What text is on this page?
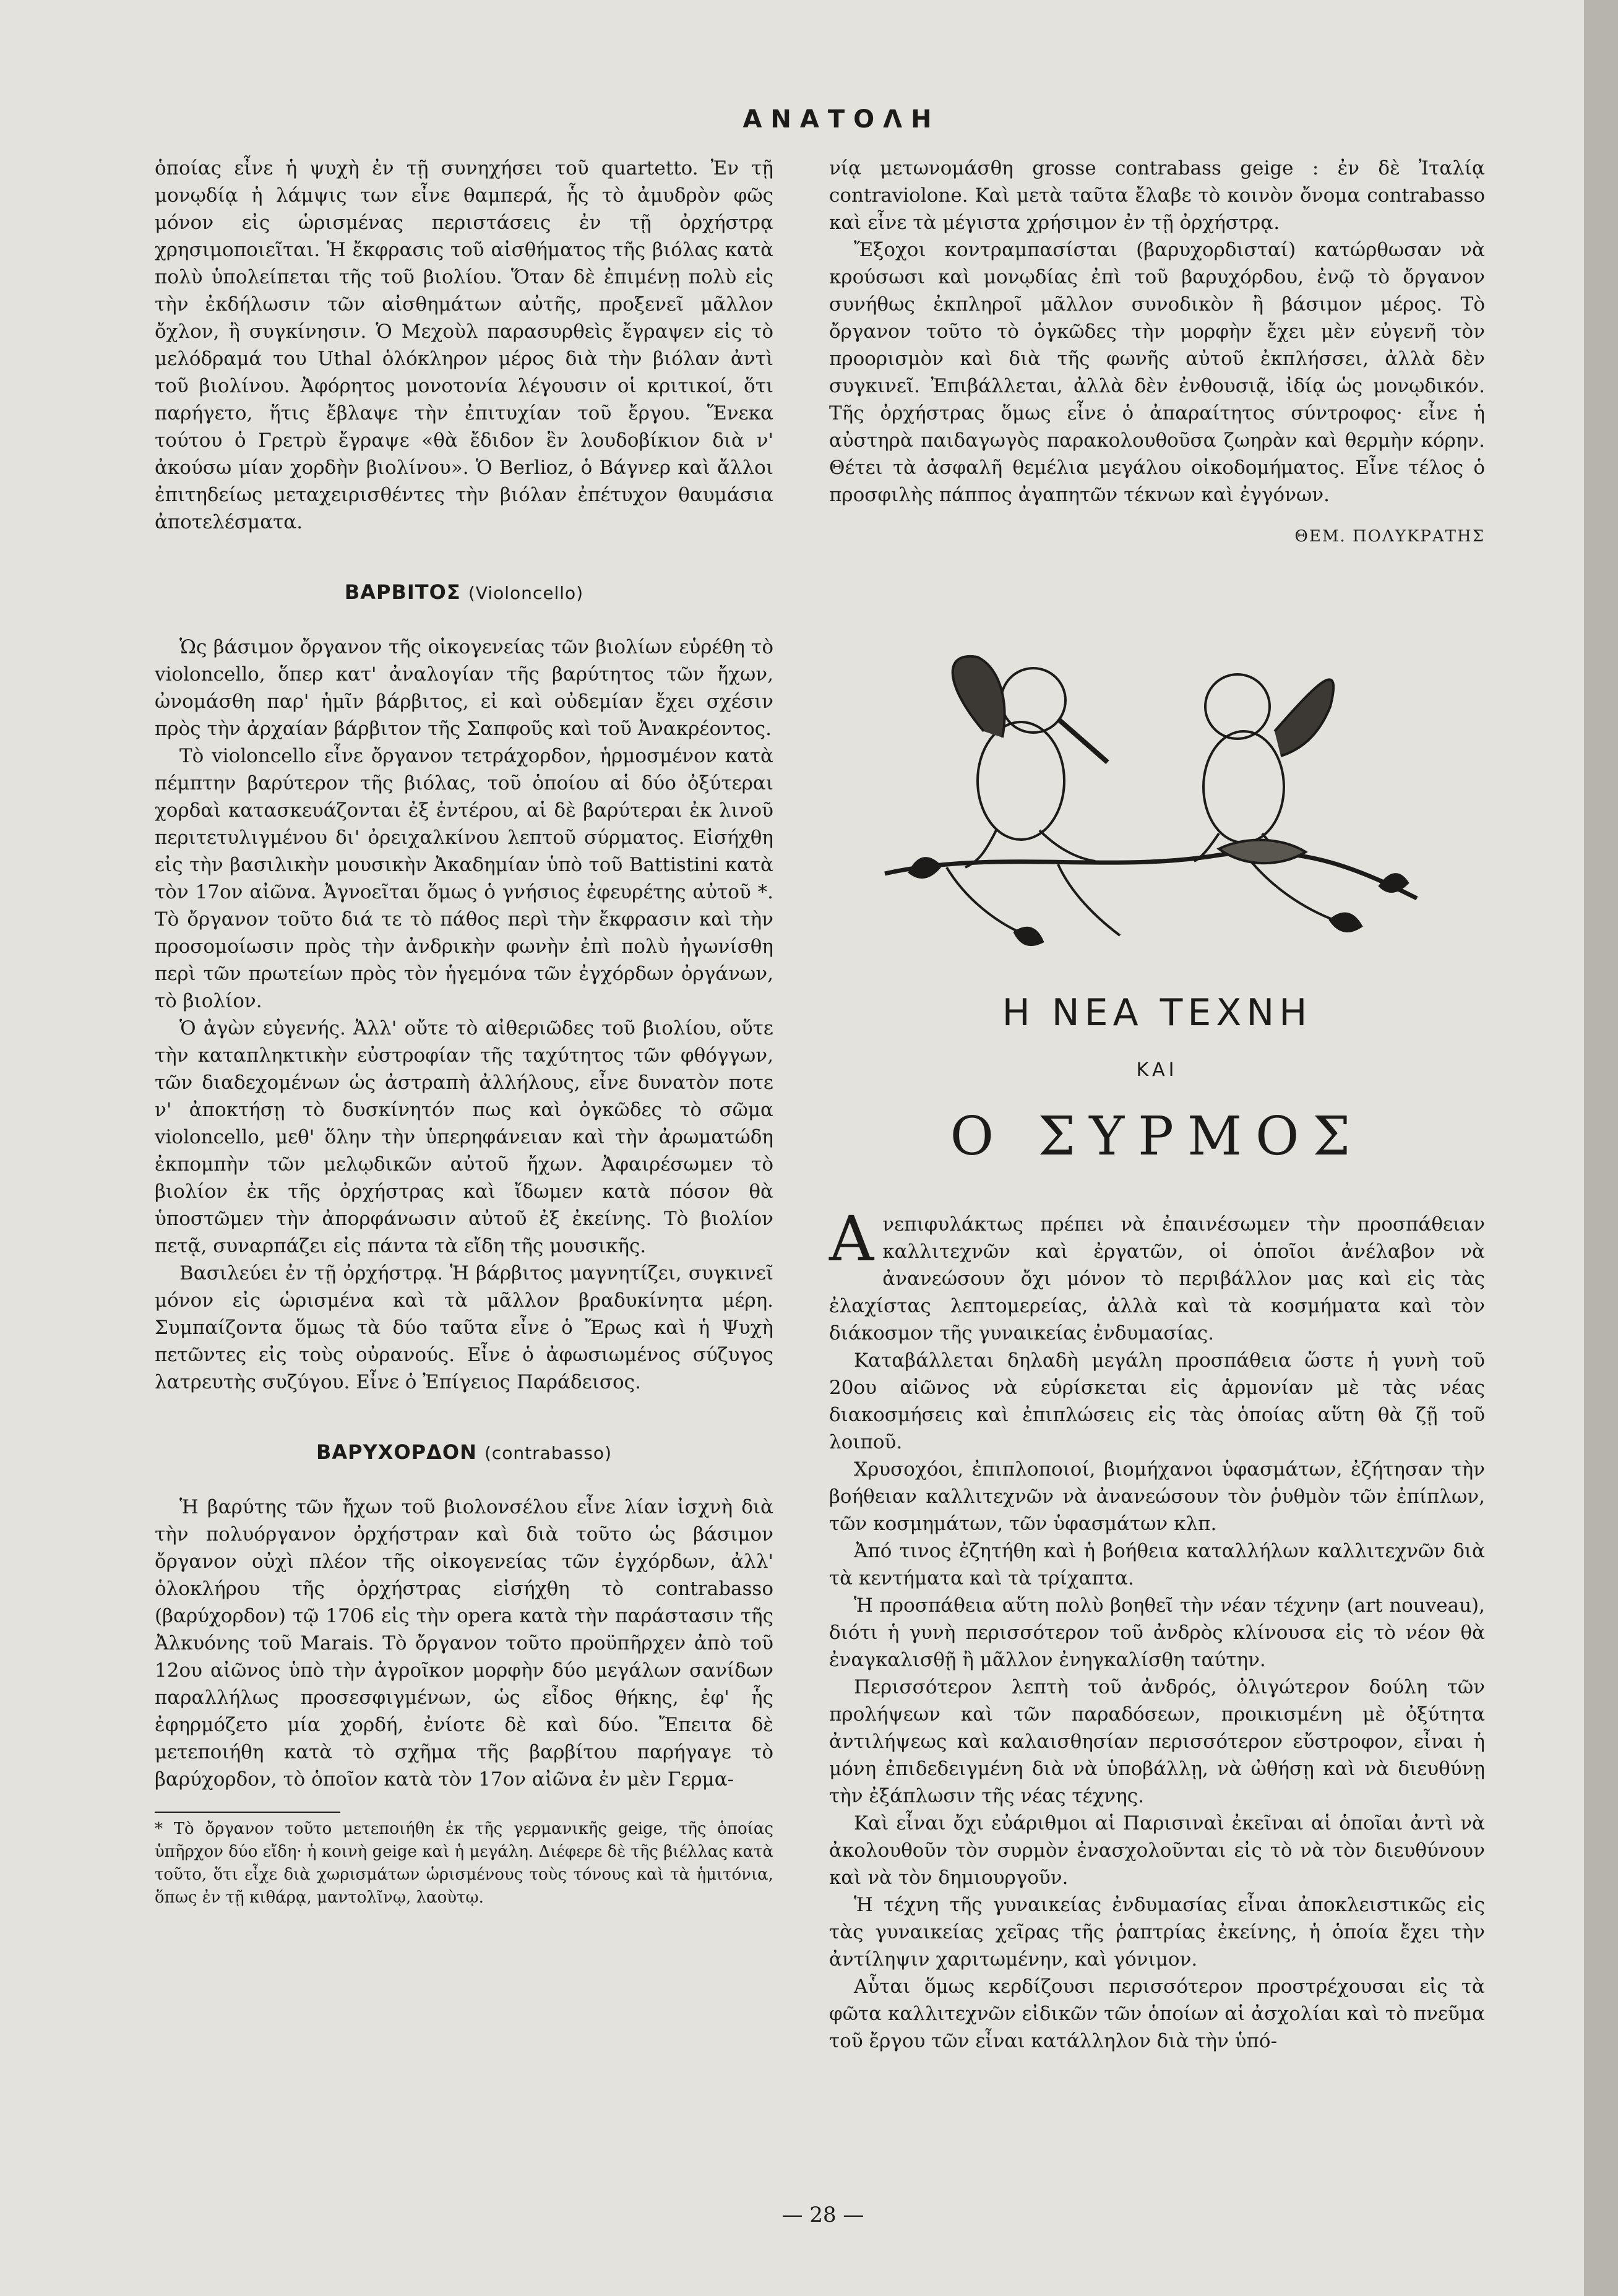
ΑΝΑΤΟΛΗ

ὁποίας εἶνε ἡ ψυχὴ ἐν τῇ συνηχήσει τοῦ quartetto. Ἐν τῇ μονῳδίᾳ ἡ λάμψις των εἶνε θαμπερά, ἧς τὸ ἀμυδρὸν φῶς μόνον εἰς ὡρισμένας περιστάσεις ἐν τῇ ὀρχήστρᾳ χρησιμοποιεῖται. Ἡ ἔκφρασις τοῦ αἰσθήματος τῆς βιόλας κατὰ πολὺ ὑπολείπεται τῆς τοῦ βιολίου. Ὅταν δὲ ἐπιμένῃ πολὺ εἰς τὴν ἐκδήλωσιν τῶν αἰσθημάτων αὐτῆς, προξενεῖ μᾶλλον ὄχλον, ἢ συγκίνησιν. Ὁ Μεχοὺλ παρασυρθεὶς ἔγραψεν εἰς τὸ μελόδραμά του Uthal ὁλόκληρον μέρος διὰ τὴν βιόλαν ἀντὶ τοῦ βιολίνου. Ἀφόρητος μονοτονία λέγουσιν οἱ κριτικοί, ὅτι παρήγετο, ἥτις ἔβλαψε τὴν ἐπιτυχίαν τοῦ ἔργου. Ἕνεκα τούτου ὁ Γρετρὺ ἔγραψε «θὰ ἔδιδον ἓν λουδοβίκιον διὰ ν' ἀκούσω μίαν χορδὴν βιολίνου». Ὁ Berlioz, ὁ Βάγνερ καὶ ἄλλοι ἐπιτηδείως μεταχειρισθέντες τὴν βιόλαν ἐπέτυχον θαυμάσια ἀποτελέσματα.

ΒΑΡΒΙΤΟΣ (Violoncello)

Ὡς βάσιμον ὄργανον τῆς οἰκογενείας τῶν βιολίων εὑρέθη τὸ violoncello, ὅπερ κατ' ἀναλογίαν τῆς βαρύτητος τῶν ἤχων, ὠνομάσθη παρ' ἡμῖν βάρβιτος, εἰ καὶ οὐδεμίαν ἔχει σχέσιν πρὸς τὴν ἀρχαίαν βάρβιτον τῆς Σαπφοῦς καὶ τοῦ Ἀνακρέοντος.

Τὸ violoncello εἶνε ὄργανον τετράχορδον, ἡρμοσμένον κατὰ πέμπτην βαρύτερον τῆς βιόλας, τοῦ ὁποίου αἱ δύο ὀξύτεραι χορδαὶ κατασκευάζονται ἐξ ἐντέρου, αἱ δὲ βαρύτεραι ἐκ λινοῦ περιτετυλιγμένου δι' ὀρειχαλκίνου λεπτοῦ σύρματος. Εἰσήχθη εἰς τὴν βασιλικὴν μουσικὴν Ἀκαδημίαν ὑπὸ τοῦ Battistini κατὰ τὸν 17ον αἰῶνα. Ἀγνοεῖται ὅμως ὁ γνήσιος ἐφευρέτης αὐτοῦ *. Τὸ ὄργανον τοῦτο διά τε τὸ πάθος περὶ τὴν ἔκφρασιν καὶ τὴν προσομοίωσιν πρὸς τὴν ἀνδρικὴν φωνὴν ἐπὶ πολὺ ἠγωνίσθη περὶ τῶν πρωτείων πρὸς τὸν ἡγεμόνα τῶν ἐγχόρδων ὀργάνων, τὸ βιολίον.

Ὁ ἀγὼν εὐγενής. Ἀλλ' οὔτε τὸ αἰθεριῶδες τοῦ βιολίου, οὔτε τὴν καταπληκτικὴν εὐστροφίαν τῆς ταχύτητος τῶν φθόγγων, τῶν διαδεχομένων ὡς ἀστραπὴ ἀλλήλους, εἶνε δυνατὸν ποτε ν' ἀποκτήσῃ τὸ δυσκίνητόν πως καὶ ὀγκῶδες τὸ σῶμα violoncello, μεθ' ὅλην τὴν ὑπερηφάνειαν καὶ τὴν ἀρωματώδη ἐκπομπὴν τῶν μελῳδικῶν αὐτοῦ ἤχων. Ἀφαιρέσωμεν τὸ βιολίον ἐκ τῆς ὀρχήστρας καὶ ἴδωμεν κατὰ πόσον θὰ ὑποστῶμεν τὴν ἀπορφάνωσιν αὐτοῦ ἐξ ἐκείνης. Τὸ βιολίον πετᾷ, συναρπάζει εἰς πάντα τὰ εἴδη τῆς μουσικῆς.

Βασιλεύει ἐν τῇ ὀρχήστρᾳ. Ἡ βάρβιτος μαγνητίζει, συγκινεῖ μόνον εἰς ὡρισμένα καὶ τὰ μᾶλλον βραδυκίνητα μέρη. Συμπαίζοντα ὅμως τὰ δύο ταῦτα εἶνε ὁ Ἔρως καὶ ἡ Ψυχὴ πετῶντες εἰς τοὺς οὐρανούς. Εἶνε ὁ ἀφωσιωμένος σύζυγος λατρευτὴς συζύγου. Εἶνε ὁ Ἐπίγειος Παράδεισος.

ΒΑΡΥΧΟΡΔΟΝ (contrabasso)

Ἡ βαρύτης τῶν ἤχων τοῦ βιολονσέλου εἶνε λίαν ἰσχνὴ διὰ τὴν πολυόργανον ὀρχήστραν καὶ διὰ τοῦτο ὡς βάσιμον ὄργανον οὐχὶ πλέον τῆς οἰκογενείας τῶν ἐγχόρδων, ἀλλ' ὁλοκλήρου τῆς ὀρχήστρας εἰσήχθη τὸ contrabasso (βαρύχορδον) τῷ 1706 εἰς τὴν opera κατὰ τὴν παράστασιν τῆς Ἀλκυόνης τοῦ Marais. Τὸ ὄργανον τοῦτο προϋπῆρχεν ἀπὸ τοῦ 12ου αἰῶνος ὑπὸ τὴν ἀγροῖκον μορφὴν δύο μεγάλων σανίδων παραλλήλως προσεσφιγμένων, ὡς εἶδος θήκης, ἐφ' ἧς ἐφηρμόζετο μία χορδή, ἐνίοτε δὲ καὶ δύο. Ἔπειτα δὲ μετεποιήθη κατὰ τὸ σχῆμα τῆς βαρβίτου παρήγαγε τὸ βαρύχορδον, τὸ ὁποῖον κατὰ τὸν 17ον αἰῶνα ἐν μὲν Γερμα-

* Τὸ ὄργανον τοῦτο μετεποιήθη ἐκ τῆς γερμανικῆς geige, τῆς ὁποίας ὑπῆρχον δύο εἴδη· ἡ κοινὴ geige καὶ ἡ μεγάλη. Διέφερε δὲ τῆς βιέλλας κατὰ τοῦτο, ὅτι εἶχε διὰ χωρισμάτων ὡρισμένους τοὺς τόνους καὶ τὰ ἡμιτόνια, ὅπως ἐν τῇ κιθάρᾳ, μαντολῖνῳ, λαοὺτῳ.

νίᾳ μετωνομάσθη grosse contrabass geige : ἐν δὲ Ἰταλίᾳ contraviolone. Καὶ μετὰ ταῦτα ἔλαβε τὸ κοινὸν ὄνομα contrabasso καὶ εἶνε τὰ μέγιστα χρήσιμον ἐν τῇ ὀρχήστρᾳ.

Ἔξοχοι κοντραμπασίσται (βαρυχορδισταί) κατώρθωσαν νὰ κρούσωσι καὶ μονῳδίας ἐπὶ τοῦ βαρυχόρδου, ἐνῷ τὸ ὄργανον συνήθως ἐκπληροῖ μᾶλλον συνοδικὸν ἢ βάσιμον μέρος. Τὸ ὄργανον τοῦτο τὸ ὀγκῶδες τὴν μορφὴν ἔχει μὲν εὐγενῆ τὸν προορισμὸν καὶ διὰ τῆς φωνῆς αὐτοῦ ἐκπλήσσει, ἀλλὰ δὲν συγκινεῖ. Ἐπιβάλλεται, ἀλλὰ δὲν ἐνθουσιᾷ, ἰδίᾳ ὡς μονῳδικόν. Τῆς ὀρχήστρας ὅμως εἶνε ὁ ἀπαραίτητος σύντροφος· εἶνε ἡ αὐστηρὰ παιδαγωγὸς παρακολουθοῦσα ζωηρὰν καὶ θερμὴν κόρην. Θέτει τὰ ἀσφαλῆ θεμέλια μεγάλου οἰκοδομήματος. Εἶνε τέλος ὁ προσφιλὴς πάππος ἀγαπητῶν τέκνων καὶ ἐγγόνων.

ΘΕΜ. ΠΟΛΥΚΡΑΤΗΣ
Η ΝΕΑ ΤΕΧΝΗ
ΚΑΙ
Ο ΣΥΡΜΟΣ
Α νεπιφυλάκτως πρέπει νὰ ἐπαινέσωμεν τὴν προσπάθειαν καλλιτεχνῶν καὶ ἐργατῶν, οἱ ὁποῖοι ἀνέλαβον νὰ ἀνανεώσουν ὄχι μόνον τὸ περιβάλλον μας καὶ εἰς τὰς ἐλαχίστας λεπτομερείας, ἀλλὰ καὶ τὰ κοσμήματα καὶ τὸν διάκοσμον τῆς γυναικείας ἐνδυμασίας.

Καταβάλλεται δηλαδὴ μεγάλη προσπάθεια ὥστε ἡ γυνὴ τοῦ 20ου αἰῶνος νὰ εὑρίσκεται εἰς ἁρμονίαν μὲ τὰς νέας διακοσμήσεις καὶ ἐπιπλώσεις εἰς τὰς ὁποίας αὕτη θὰ ζῇ τοῦ λοιποῦ.

Χρυσοχόοι, ἐπιπλοποιοί, βιομήχανοι ὑφασμάτων, ἐζήτησαν τὴν βοήθειαν καλλιτεχνῶν νὰ ἀνανεώσουν τὸν ῥυθμὸν τῶν ἐπίπλων, τῶν κοσμημάτων, τῶν ὑφασμάτων κλπ.

Ἀπό τινος ἐζητήθη καὶ ἡ βοήθεια καταλλήλων καλλιτεχνῶν διὰ τὰ κεντήματα καὶ τὰ τρίχαπτα.

Ἡ προσπάθεια αὕτη πολὺ βοηθεῖ τὴν νέαν τέχνην (art nouveau), διότι ἡ γυνὴ περισσότερον τοῦ ἀνδρὸς κλίνουσα εἰς τὸ νέον θὰ ἐναγκαλισθῇ ἢ μᾶλλον ἐνηγκαλίσθη ταύτην.

Περισσότερον λεπτὴ τοῦ ἀνδρός, ὀλιγώτερον δούλη τῶν προλήψεων καὶ τῶν παραδόσεων, προικισμένη μὲ ὀξύτητα ἀντιλήψεως καὶ καλαισθησίαν περισσότερον εὔστροφον, εἶναι ἡ μόνη ἐπιδεδειγμένη διὰ νὰ ὑποβάλλῃ, νὰ ὠθήσῃ καὶ νὰ διευθύνῃ τὴν ἐξάπλωσιν τῆς νέας τέχνης.

Καὶ εἶναι ὄχι εὐάριθμοι αἱ Παρισιναὶ ἐκεῖναι αἱ ὁποῖαι ἀντὶ νὰ ἀκολουθοῦν τὸν συρμὸν ἐνασχολοῦνται εἰς τὸ νὰ τὸν διευθύνουν καὶ νὰ τὸν δημιουργοῦν.

Ἡ τέχνη τῆς γυναικείας ἐνδυμασίας εἶναι ἀποκλειστικῶς εἰς τὰς γυναικείας χεῖρας τῆς ῥαπτρίας ἐκείνης, ἡ ὁποία ἔχει τὴν ἀντίληψιν χαριτωμένην, καὶ γόνιμον.

Αὗται ὅμως κερδίζουσι περισσότερον προστρέχουσαι εἰς τὰ φῶτα καλλιτεχνῶν εἰδικῶν τῶν ὁποίων αἱ ἀσχολίαι καὶ τὸ πνεῦμα τοῦ ἔργου τῶν εἶναι κατάλληλον διὰ τὴν ὑπό-

— 28 —
